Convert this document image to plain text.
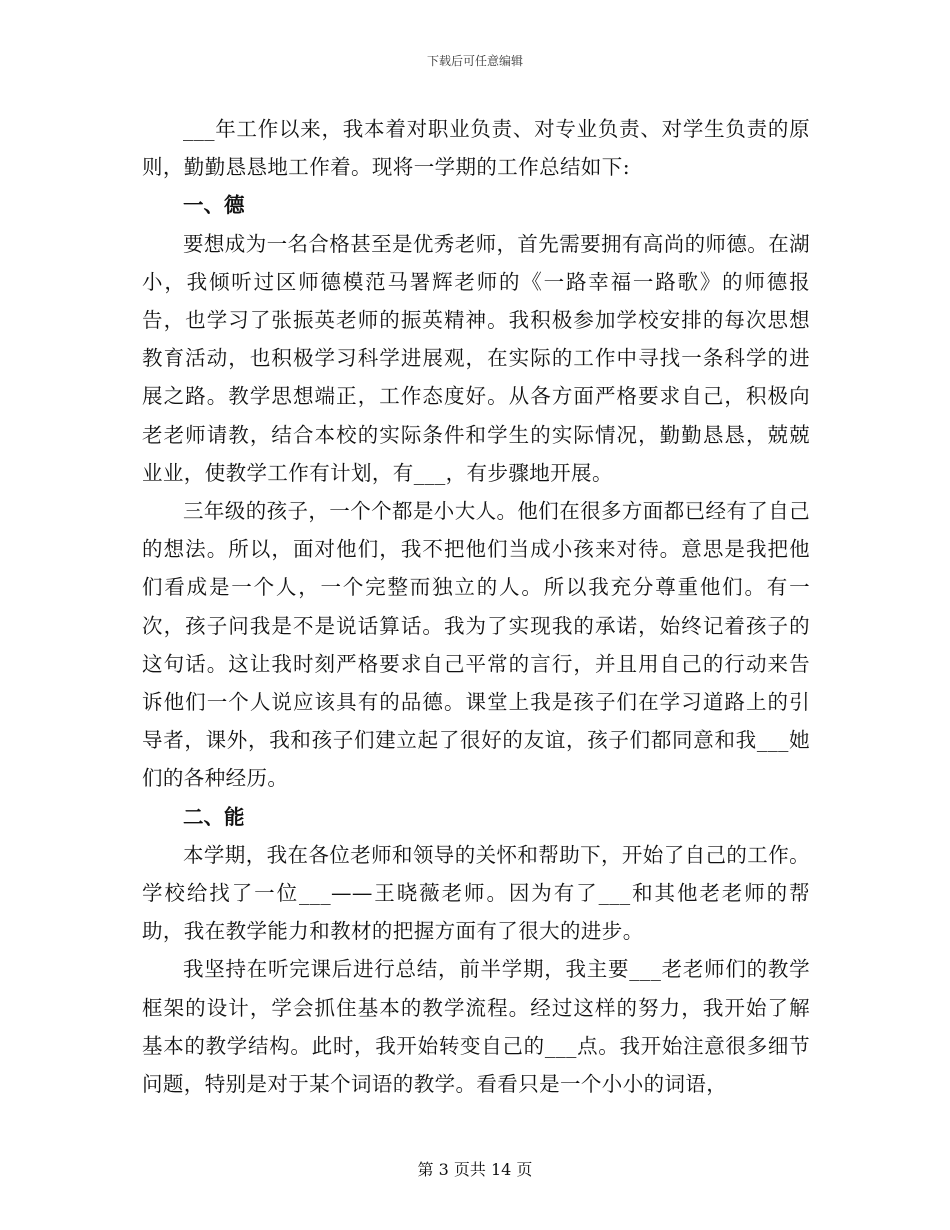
下载后可任意编辑

___年工作以来，我本着对职业负责、对专业负责、对学生负责的原则，勤勤恳恳地工作着。现将一学期的工作总结如下:

一、德

要想成为一名合格甚至是优秀老师，首先需要拥有高尚的师德。在湖小，我倾听过区师德模范马署辉老师的《一路幸福一路歌》的师德报告，也学习了张振英老师的振英精神。我积极参加学校安排的每次思想教育活动，也积极学习科学进展观，在实际的工作中寻找一条科学的进展之路。教学思想端正，工作态度好。从各方面严格要求自己，积极向老老师请教，结合本校的实际条件和学生的实际情况，勤勤恳恳，兢兢业业，使教学工作有计划，有___，有步骤地开展。

三年级的孩子，一个个都是小大人。他们在很多方面都已经有了自己的想法。所以，面对他们，我不把他们当成小孩来对待。意思是我把他们看成是一个人，一个完整而独立的人。所以我充分尊重他们。有一次，孩子问我是不是说话算话。我为了实现我的承诺，始终记着孩子的这句话。这让我时刻严格要求自己平常的言行，并且用自己的行动来告诉他们一个人说应该具有的品德。课堂上我是孩子们在学习道路上的引导者，课外，我和孩子们建立起了很好的友谊，孩子们都同意和我___她们的各种经历。

二、能

本学期，我在各位老师和领导的关怀和帮助下，开始了自己的工作。学校给找了一位___——王晓薇老师。因为有了___和其他老老师的帮助，我在教学能力和教材的把握方面有了很大的进步。

我坚持在听完课后进行总结，前半学期，我主要___老老师们的教学框架的设计，学会抓住基本的教学流程。经过这样的努力，我开始了解基本的教学结构。此时，我开始转变自己的___点。我开始注意很多细节问题，特别是对于某个词语的教学。看看只是一个小小的词语，

第 3 页共 14 页
